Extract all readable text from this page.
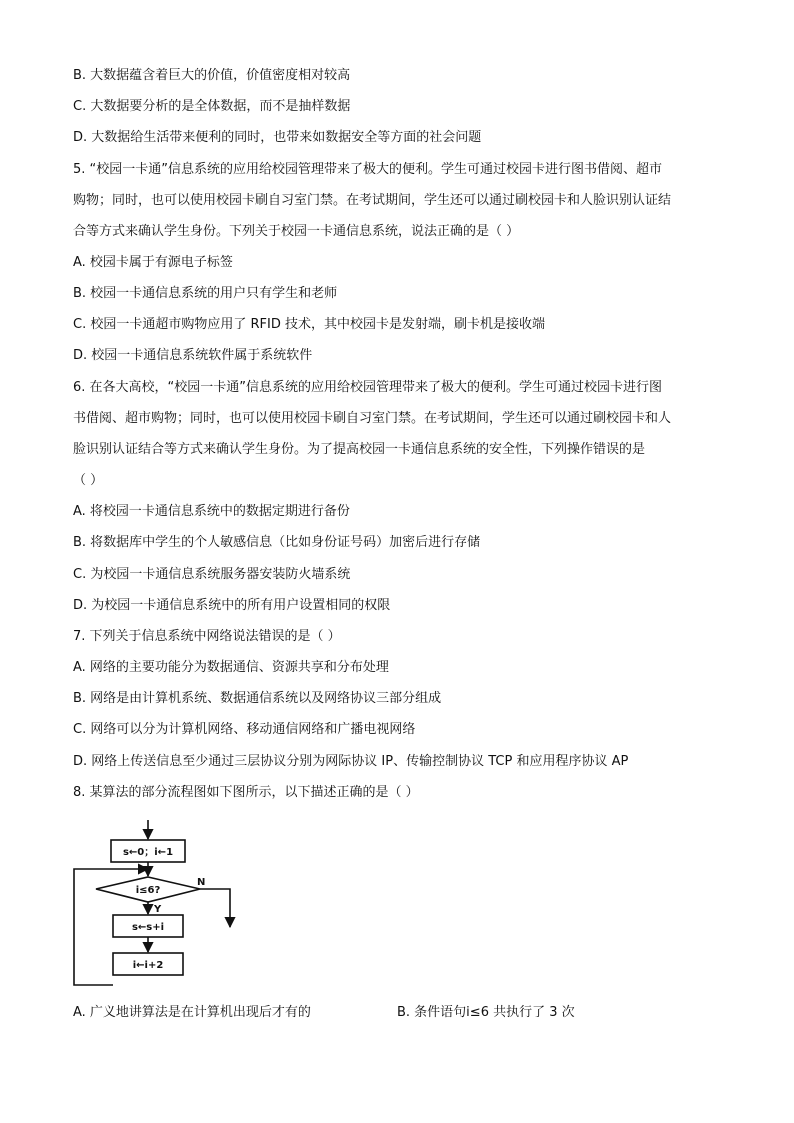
B. 大数据蕴含着巨大的价值，价值密度相对较高
C. 大数据要分析的是全体数据，而不是抽样数据
D. 大数据给生活带来便利的同时，也带来如数据安全等方面的社会问题
5. “校园一卡通”信息系统的应用给校园管理带来了极大的便利。学生可通过校园卡进行图书借阅、超市
购物；同时，也可以使用校园卡刷自习室门禁。在考试期间，学生还可以通过刷校园卡和人脸识别认证结
合等方式来确认学生身份。下列关于校园一卡通信息系统，说法正确的是（ ）
A. 校园卡属于有源电子标签
B. 校园一卡通信息系统的用户只有学生和老师
C. 校园一卡通超市购物应用了 RFID 技术，其中校园卡是发射端，刷卡机是接收端
D. 校园一卡通信息系统软件属于系统软件
6. 在各大高校，“校园一卡通”信息系统的应用给校园管理带来了极大的便利。学生可通过校园卡进行图
书借阅、超市购物；同时，也可以使用校园卡刷自习室门禁。在考试期间，学生还可以通过刷校园卡和人
脸识别认证结合等方式来确认学生身份。为了提高校园一卡通信息系统的安全性，下列操作错误的是
（ ）
A. 将校园一卡通信息系统中的数据定期进行备份
B. 将数据库中学生的个人敏感信息（比如身份证号码）加密后进行存储
C. 为校园一卡通信息系统服务器安装防火墙系统
D. 为校园一卡通信息系统中的所有用户设置相同的权限
7. 下列关于信息系统中网络说法错误的是（ ）
A. 网络的主要功能分为数据通信、资源共享和分布处理
B. 网络是由计算机系统、数据通信系统以及网络协议三部分组成
C. 网络可以分为计算机网络、移动通信网络和广播电视网络
D. 网络上传送信息至少通过三层协议分别为网际协议 IP、传输控制协议 TCP 和应用程序协议 AP
8. 某算法的部分流程图如下图所示，以下描述正确的是（ ）
s←0；i←1
i≤6?
N
Y
s←s+i
i←i+2
A. 广义地讲算法是在计算机出现后才有的	B. 条件语句i≤6 共执行了 3 次
